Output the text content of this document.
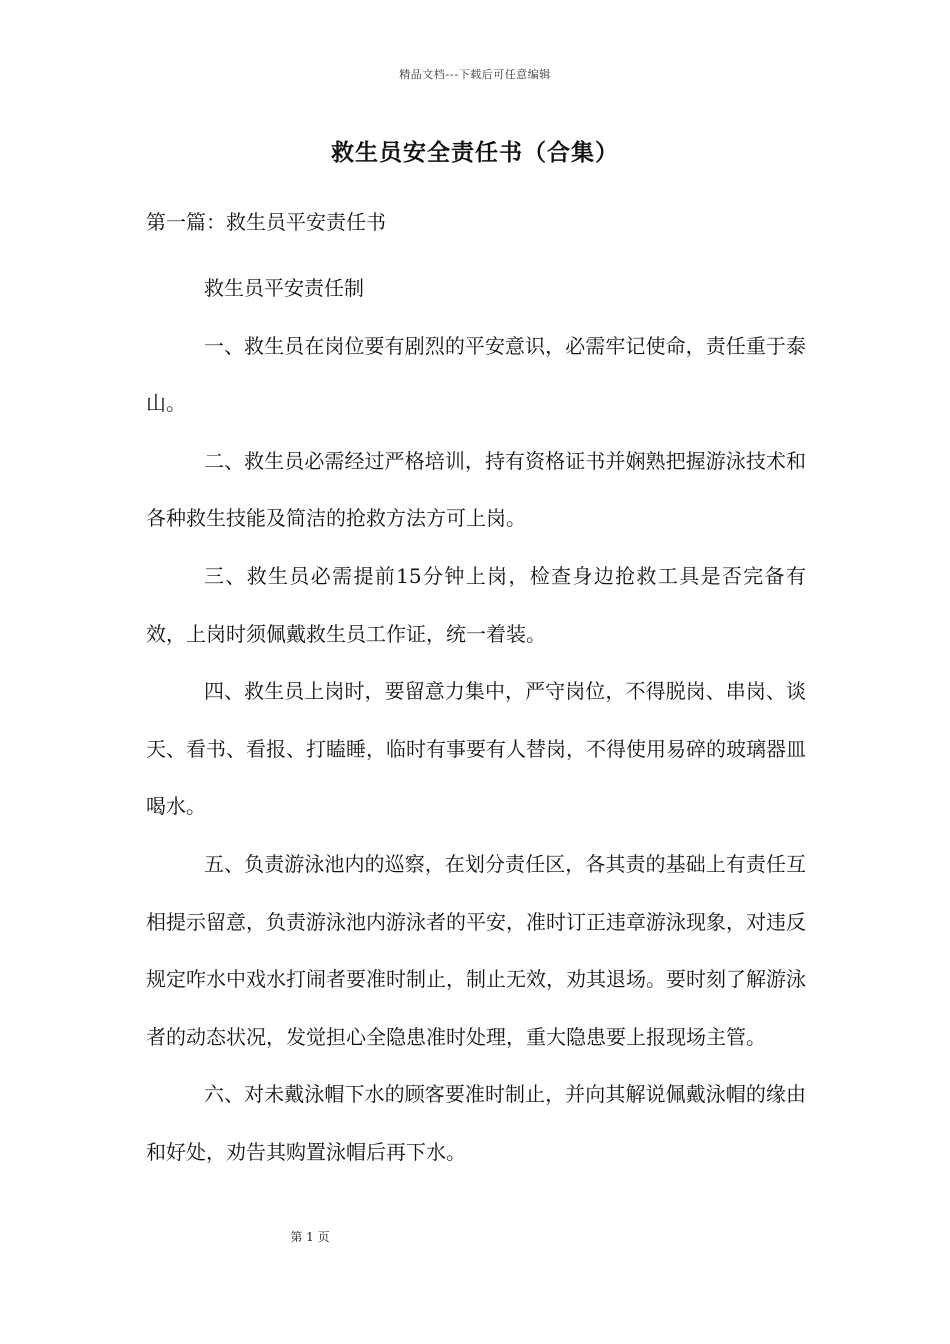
精品文档---下载后可任意编辑
救生员安全责任书（合集）
第一篇：救生员平安责任书

救生员平安责任制

一、救生员在岗位要有剧烈的平安意识，必需牢记使命，责任重于泰山。

二、救生员必需经过严格培训，持有资格证书并娴熟把握游泳技术和各种救生技能及简洁的抢救方法方可上岗。

三、救生员必需提前15分钟上岗，检查身边抢救工具是否完备有效，上岗时须佩戴救生员工作证，统一着装。

四、救生员上岗时，要留意力集中，严守岗位，不得脱岗、串岗、谈天、看书、看报、打瞌睡，临时有事要有人替岗，不得使用易碎的玻璃器皿喝水。

五、负责游泳池内的巡察，在划分责任区，各其责的基础上有责任互相提示留意，负责游泳池内游泳者的平安，准时订正违章游泳现象，对违反规定咋水中戏水打闹者要准时制止，制止无效，劝其退场。要时刻了解游泳者的动态状况，发觉担心全隐患准时处理，重大隐患要上报现场主管。

六、对未戴泳帽下水的顾客要准时制止，并向其解说佩戴泳帽的缘由和好处，劝告其购置泳帽后再下水。

第 1 页
